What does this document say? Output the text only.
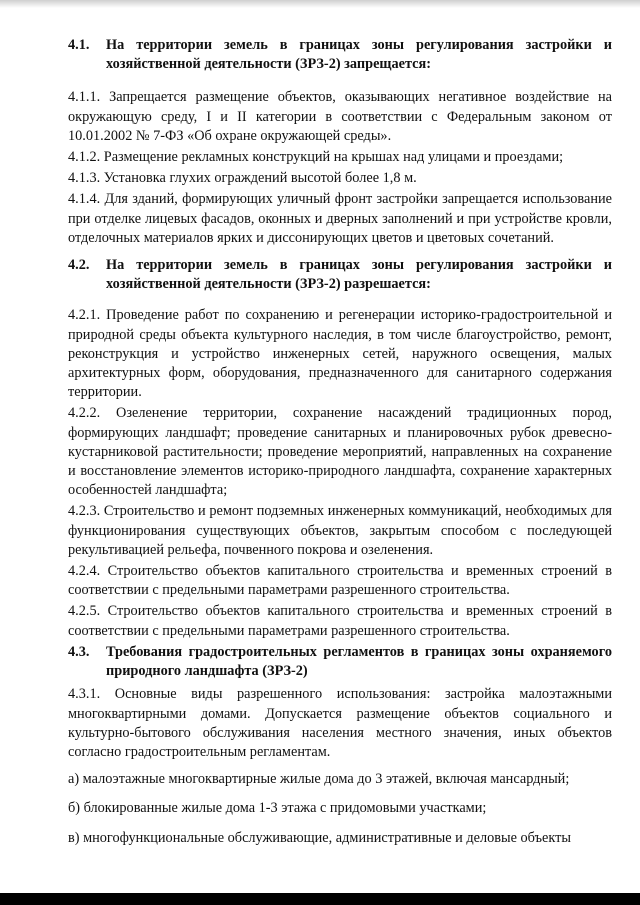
4.1.	На территории земель в границах зоны регулирования застройки и хозяйственной деятельности (ЗРЗ-2) запрещается:

4.1.1. Запрещается размещение объектов, оказывающих негативное воздействие на окружающую среду, I и II категории в соответствии с Федеральным законом от 10.01.2002 № 7-ФЗ «Об охране окружающей среды».

4.1.2. Размещение рекламных конструкций на крышах над улицами и проездами;

4.1.3. Установка глухих ограждений высотой более 1,8 м.

4.1.4. Для зданий, формирующих уличный фронт застройки запрещается использование при отделке лицевых фасадов, оконных и дверных заполнений и при устройстве кровли, отделочных материалов ярких и диссонирующих цветов и цветовых сочетаний.

4.2.	На территории земель в границах зоны регулирования застройки и хозяйственной деятельности (ЗРЗ-2) разрешается:

4.2.1. Проведение работ по сохранению и регенерации историко-градостроительной и природной среды объекта культурного наследия, в том числе благоустройство, ремонт, реконструкция и устройство инженерных сетей, наружного освещения, малых архитектурных форм, оборудования, предназначенного для санитарного содержания территории.

4.2.2. Озеленение территории, сохранение насаждений традиционных пород, формирующих ландшафт; проведение санитарных и планировочных рубок древесно-кустарниковой растительности; проведение мероприятий, направленных на сохранение и восстановление элементов историко-природного ландшафта, сохранение характерных особенностей ландшафта;

4.2.3. Строительство и ремонт подземных инженерных коммуникаций, необходимых для функционирования существующих объектов, закрытым способом с последующей рекультивацией рельефа, почвенного покрова и озеленения.

4.2.4. Строительство объектов капитального строительства и временных строений в соответствии с предельными параметрами разрешенного строительства.

4.2.5. Строительство объектов капитального строительства и временных строений в соответствии с предельными параметрами разрешенного строительства.

4.3.	Требования градостроительных регламентов в границах зоны охраняемого природного ландшафта (ЗРЗ-2)

4.3.1. Основные виды разрешенного использования: застройка малоэтажными многоквартирными домами. Допускается размещение объектов социального и культурно-бытового обслуживания населения местного значения, иных объектов согласно градостроительным регламентам.

а) малоэтажные многоквартирные жилые дома до 3 этажей, включая мансардный;

б) блокированные жилые дома 1-3 этажа с придомовыми участками;

в) многофункциональные обслуживающие, административные и деловые объекты
